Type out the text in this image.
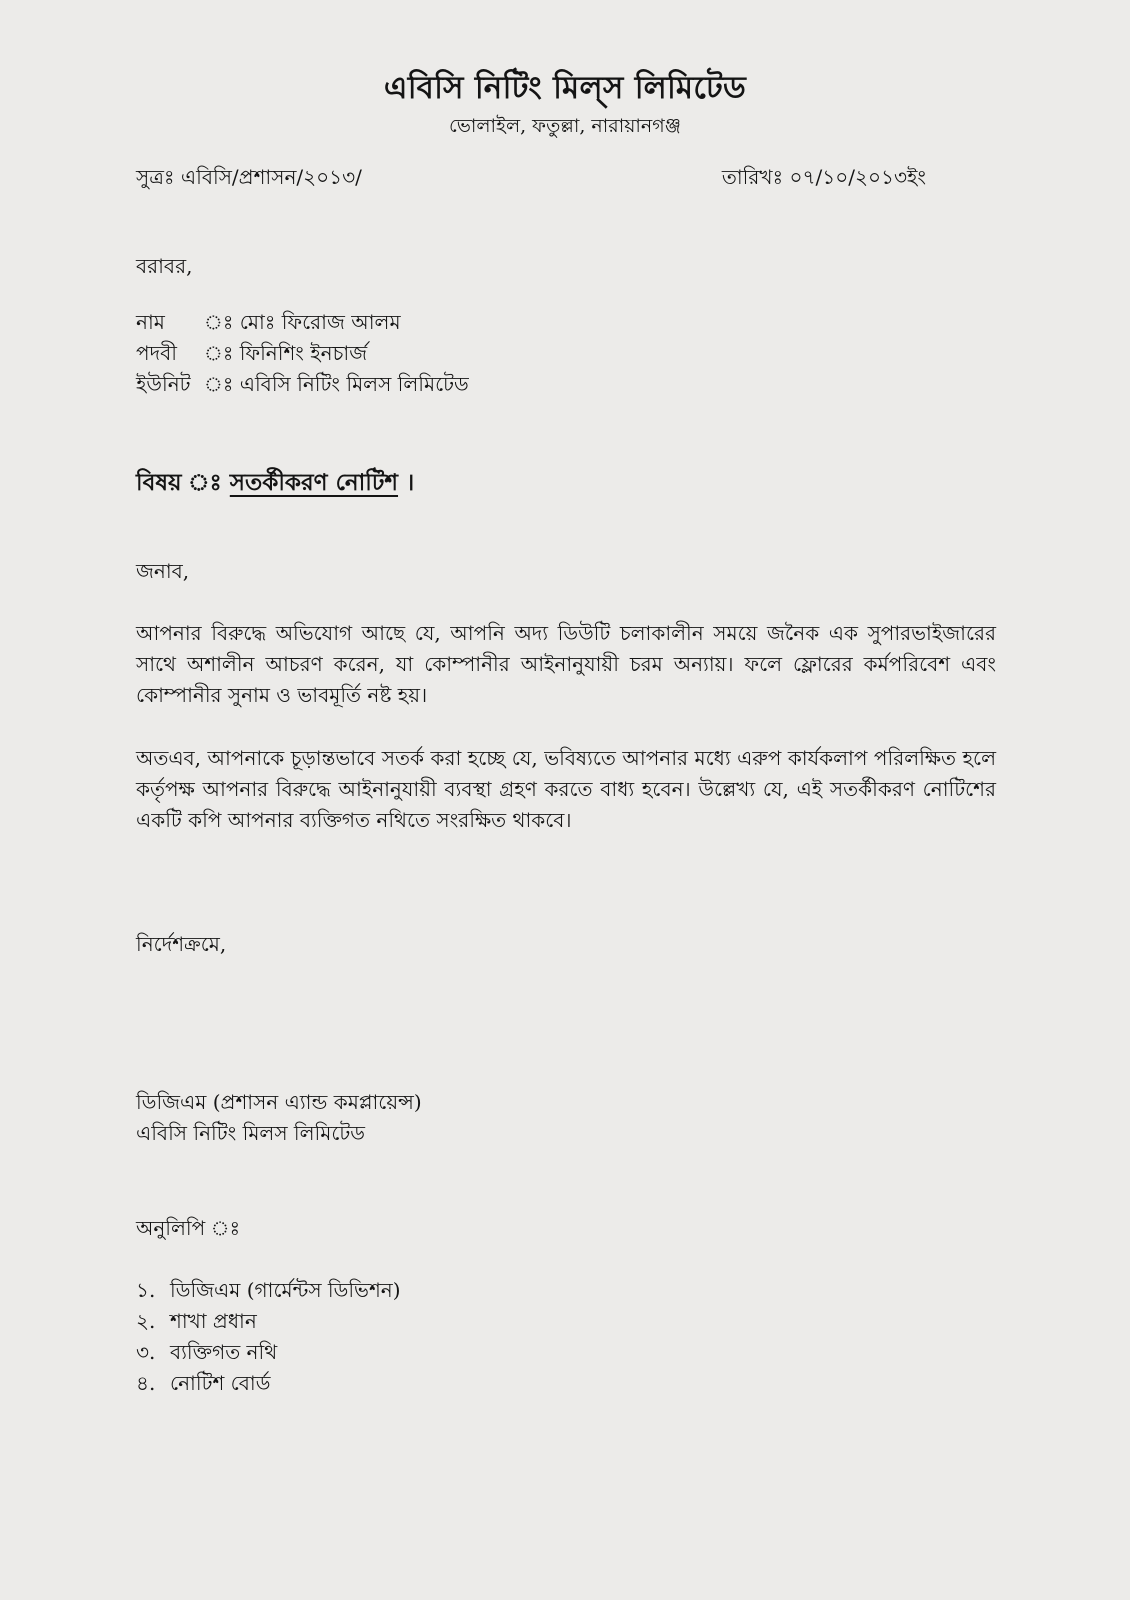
এবিসি নিটিং মিল্‌স লিমিটেড
ভোলাইল, ফতুল্লা, নারায়ানগঞ্জ
সুত্রঃ এবিসি/প্রশাসন/২০১৩/	তারিখঃ ০৭/১০/২০১৩ইং
বরাবর,
নাম	ঃ মোঃ ফিরোজ আলম
পদবী	ঃ ফিনিশিং ইনচার্জ
ইউনিট ঃ এবিসি নিটিং মিলস লিমিটেড
বিষয় ঃ সতর্কীকরণ নোটিশ ।
জনাব,
আপনার বিরুদ্ধে অভিযোগ আছে যে, আপনি অদ্য ডিউটি চলাকালীন সময়ে জনৈক এক সুপারভাইজারের সাথে অশালীন আচরণ করেন, যা কোম্পানীর আইনানুযায়ী চরম অন্যায়। ফলে ফ্লোরের কর্মপরিবেশ এবং কোম্পানীর সুনাম ও ভাবমূর্তি নষ্ট হয়।
অতএব, আপনাকে চূড়ান্তভাবে সতর্ক করা হচ্ছে যে, ভবিষ্যতে আপনার মধ্যে এরুপ কার্যকলাপ পরিলক্ষিত হলে কর্তৃপক্ষ আপনার বিরুদ্ধে আইনানুযায়ী ব্যবস্থা গ্রহণ করতে বাধ্য হবেন। উল্লেখ্য যে, এই সতর্কীকরণ নোটিশের একটি কপি আপনার ব্যক্তিগত নথিতে সংরক্ষিত থাকবে।
নির্দেশক্রমে,
ডিজিএম (প্রশাসন এ্যান্ড কমপ্লায়েন্স)
এবিসি নিটিং মিলস লিমিটেড
অনুলিপি ঃ
১. ডিজিএম (গার্মেন্টস ডিভিশন)
২. শাখা প্রধান
৩. ব্যক্তিগত নথি
৪. নোটিশ বোর্ড
